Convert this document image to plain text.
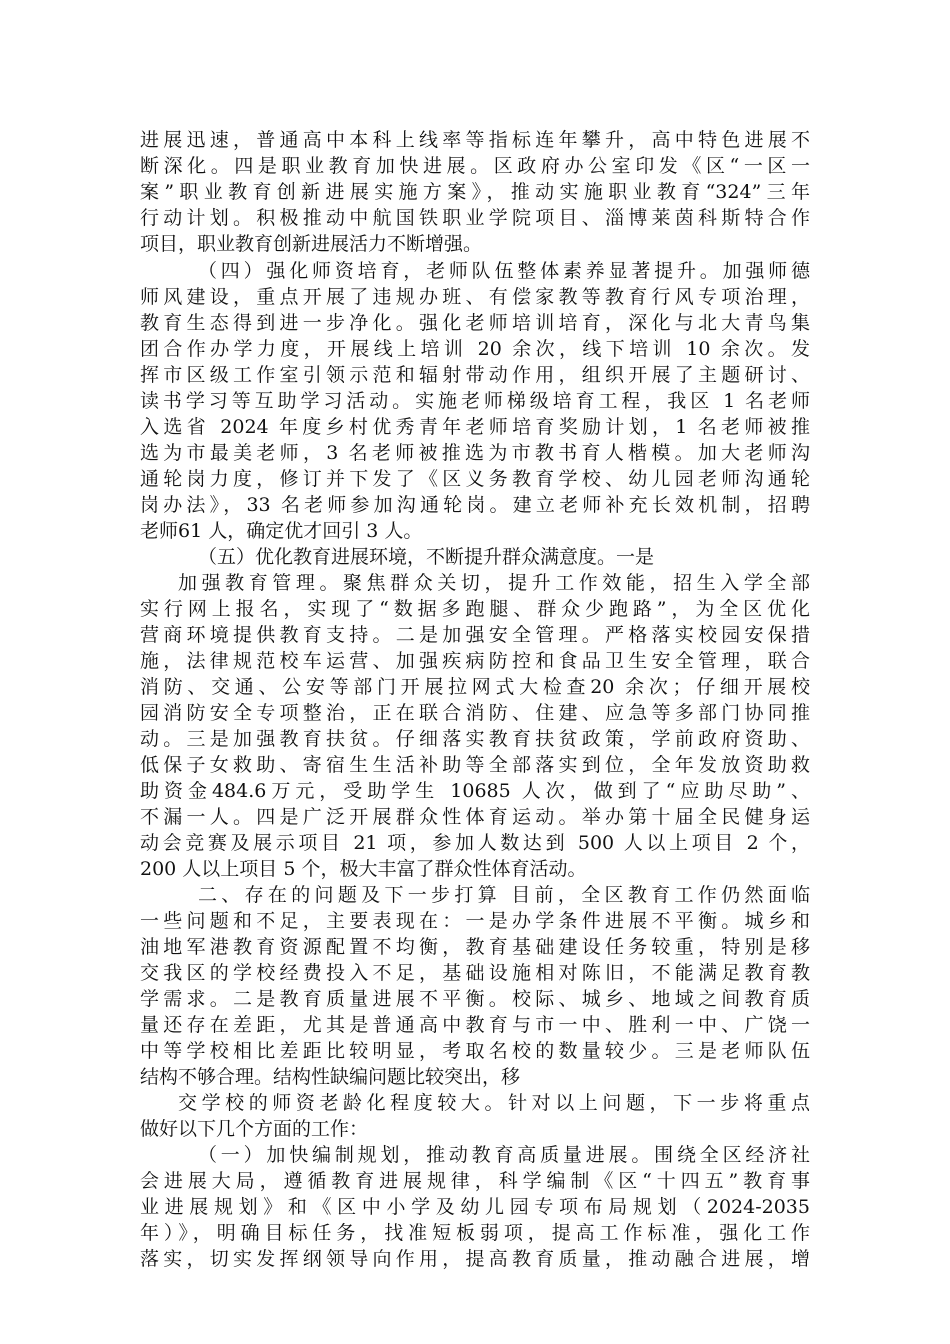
进展迅速，普通高中本科上线率等指标连年攀升，高中特色进展不
断深化。四是职业教育加快进展。区政府办公室印发《区“一区一
案”职业教育创新进展实施方案》，推动实施职业教育“324”三年
行动计划。积极推动中航国铁职业学院项目、淄博莱茵科斯特合作
项目，职业教育创新进展活力不断增强。
（四）强化师资培育，老师队伍整体素养显著提升。加强师德
师风建设，重点开展了违规办班、有偿家教等教育行风专项治理，
教育生态得到进一步净化。强化老师培训培育，深化与北大青鸟集
团合作办学力度，开展线上培训 20 余次，线下培训 10 余次。发
挥市区级工作室引领示范和辐射带动作用，组织开展了主题研讨、
读书学习等互助学习活动。实施老师梯级培育工程，我区 1 名老师
入选省 2024 年度乡村优秀青年老师培育奖励计划，1 名老师被推
选为市最美老师，3 名老师被推选为市教书育人楷模。加大老师沟
通轮岗力度，修订并下发了《区义务教育学校、幼儿园老师沟通轮
岗办法》，33 名老师参加沟通轮岗。建立老师补充长效机制，招聘
老师61 人，确定优才回引 3 人。
（五）优化教育进展环境，不断提升群众满意度。一是
加强教育管理。聚焦群众关切，提升工作效能，招生入学全部
实行网上报名，实现了“数据多跑腿、群众少跑路”，为全区优化
营商环境提供教育支持。二是加强安全管理。严格落实校园安保措
施，法律规范校车运营、加强疾病防控和食品卫生安全管理，联合
消防、交通、公安等部门开展拉网式大检查20 余次；仔细开展校
园消防安全专项整治，正在联合消防、住建、应急等多部门协同推
动。三是加强教育扶贫。仔细落实教育扶贫政策，学前政府资助、
低保子女救助、寄宿生生活补助等全部落实到位，全年发放资助救
助资金484.6万元，受助学生 10685 人次，做到了“应助尽助”、
不漏一人。四是广泛开展群众性体育运动。举办第十届全民健身运
动会竞赛及展示项目 21 项，参加人数达到 500 人以上项目 2 个，
200 人以上项目 5 个，极大丰富了群众性体育活动。
二、存在的问题及下一步打算 目前，全区教育工作仍然面临
一些问题和不足，主要表现在：一是办学条件进展不平衡。城乡和
油地军港教育资源配置不均衡，教育基础建设任务较重，特别是移
交我区的学校经费投入不足，基础设施相对陈旧，不能满足教育教
学需求。二是教育质量进展不平衡。校际、城乡、地域之间教育质
量还存在差距，尤其是普通高中教育与市一中、胜利一中、广饶一
中等学校相比差距比较明显，考取名校的数量较少。三是老师队伍
结构不够合理。结构性缺编问题比较突出，移
交学校的师资老龄化程度较大。针对以上问题，下一步将重点
做好以下几个方面的工作：
（一）加快编制规划，推动教育高质量进展。围绕全区经济社
会进展大局，遵循教育进展规律，科学编制《区“十四五”教育事
业进展规划》和《区中小学及幼儿园专项布局规划（2024-2035
年）》，明确目标任务，找准短板弱项，提高工作标准，强化工作
落实，切实发挥纲领导向作用，提高教育质量，推动融合进展，增
